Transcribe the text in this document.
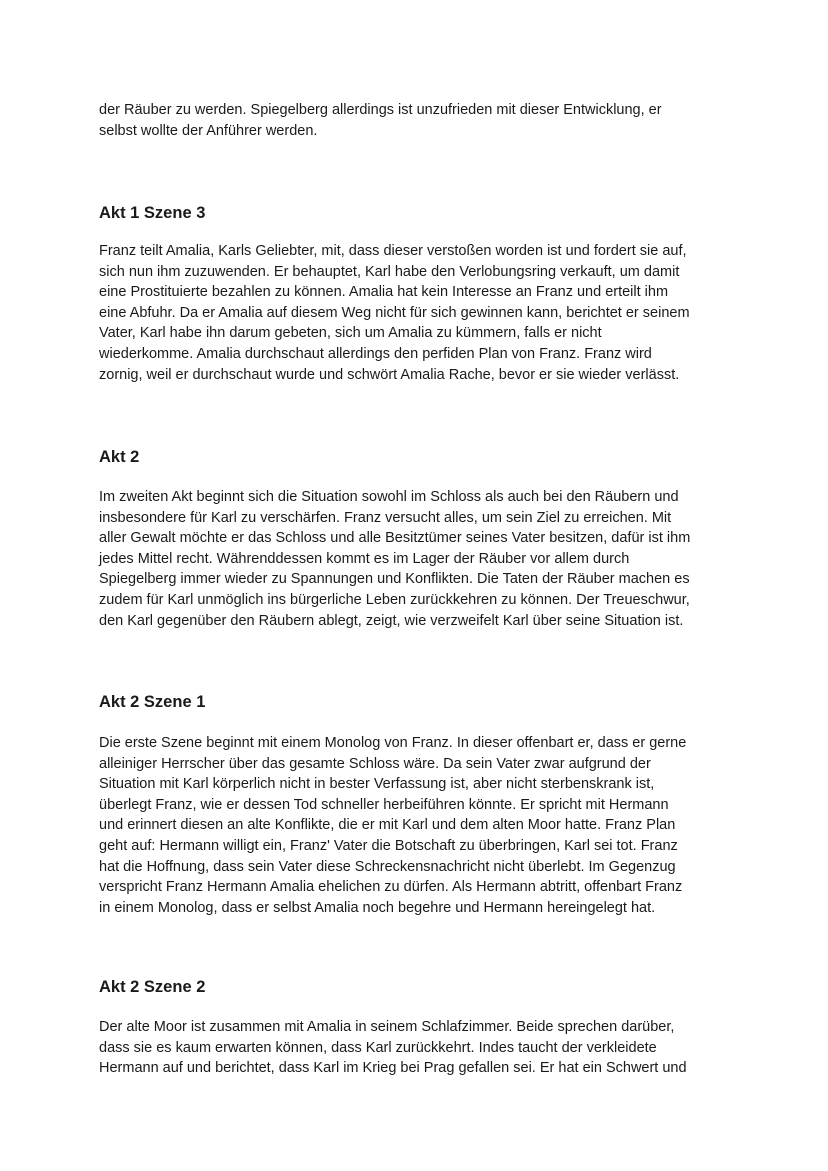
der Räuber zu werden. Spiegelberg allerdings ist unzufrieden mit dieser Entwicklung, er
selbst wollte der Anführer werden.

Akt 1 Szene 3

Franz teilt Amalia, Karls Geliebter, mit, dass dieser verstoßen worden ist und fordert sie auf,
sich nun ihm zuzuwenden. Er behauptet, Karl habe den Verlobungsring verkauft, um damit
eine Prostituierte bezahlen zu können. Amalia hat kein Interesse an Franz und erteilt ihm
eine Abfuhr. Da er Amalia auf diesem Weg nicht für sich gewinnen kann, berichtet er seinem
Vater, Karl habe ihn darum gebeten, sich um Amalia zu kümmern, falls er nicht
wiederkomme. Amalia durchschaut allerdings den perfiden Plan von Franz. Franz wird
zornig, weil er durchschaut wurde und schwört Amalia Rache, bevor er sie wieder verlässt.

Akt 2

Im zweiten Akt beginnt sich die Situation sowohl im Schloss als auch bei den Räubern und
insbesondere für Karl zu verschärfen. Franz versucht alles, um sein Ziel zu erreichen. Mit
aller Gewalt möchte er das Schloss und alle Besitztümer seines Vater besitzen, dafür ist ihm
jedes Mittel recht. Währenddessen kommt es im Lager der Räuber vor allem durch
Spiegelberg immer wieder zu Spannungen und Konflikten. Die Taten der Räuber machen es
zudem für Karl unmöglich ins bürgerliche Leben zurückkehren zu können. Der Treueschwur,
den Karl gegenüber den Räubern ablegt, zeigt, wie verzweifelt Karl über seine Situation ist.

Akt 2 Szene 1

Die erste Szene beginnt mit einem Monolog von Franz. In dieser offenbart er, dass er gerne
alleiniger Herrscher über das gesamte Schloss wäre. Da sein Vater zwar aufgrund der
Situation mit Karl körperlich nicht in bester Verfassung ist, aber nicht sterbenskrank ist,
überlegt Franz, wie er dessen Tod schneller herbeiführen könnte. Er spricht mit Hermann
und erinnert diesen an alte Konflikte, die er mit Karl und dem alten Moor hatte. Franz Plan
geht auf: Hermann willigt ein, Franz' Vater die Botschaft zu überbringen, Karl sei tot. Franz
hat die Hoffnung, dass sein Vater diese Schreckensnachricht nicht überlebt. Im Gegenzug
verspricht Franz Hermann Amalia ehelichen zu dürfen. Als Hermann abtritt, offenbart Franz
in einem Monolog, dass er selbst Amalia noch begehre und Hermann hereingelegt hat.

Akt 2 Szene 2

Der alte Moor ist zusammen mit Amalia in seinem Schlafzimmer. Beide sprechen darüber,
dass sie es kaum erwarten können, dass Karl zurückkehrt. Indes taucht der verkleidete
Hermann auf und berichtet, dass Karl im Krieg bei Prag gefallen sei. Er hat ein Schwert und
